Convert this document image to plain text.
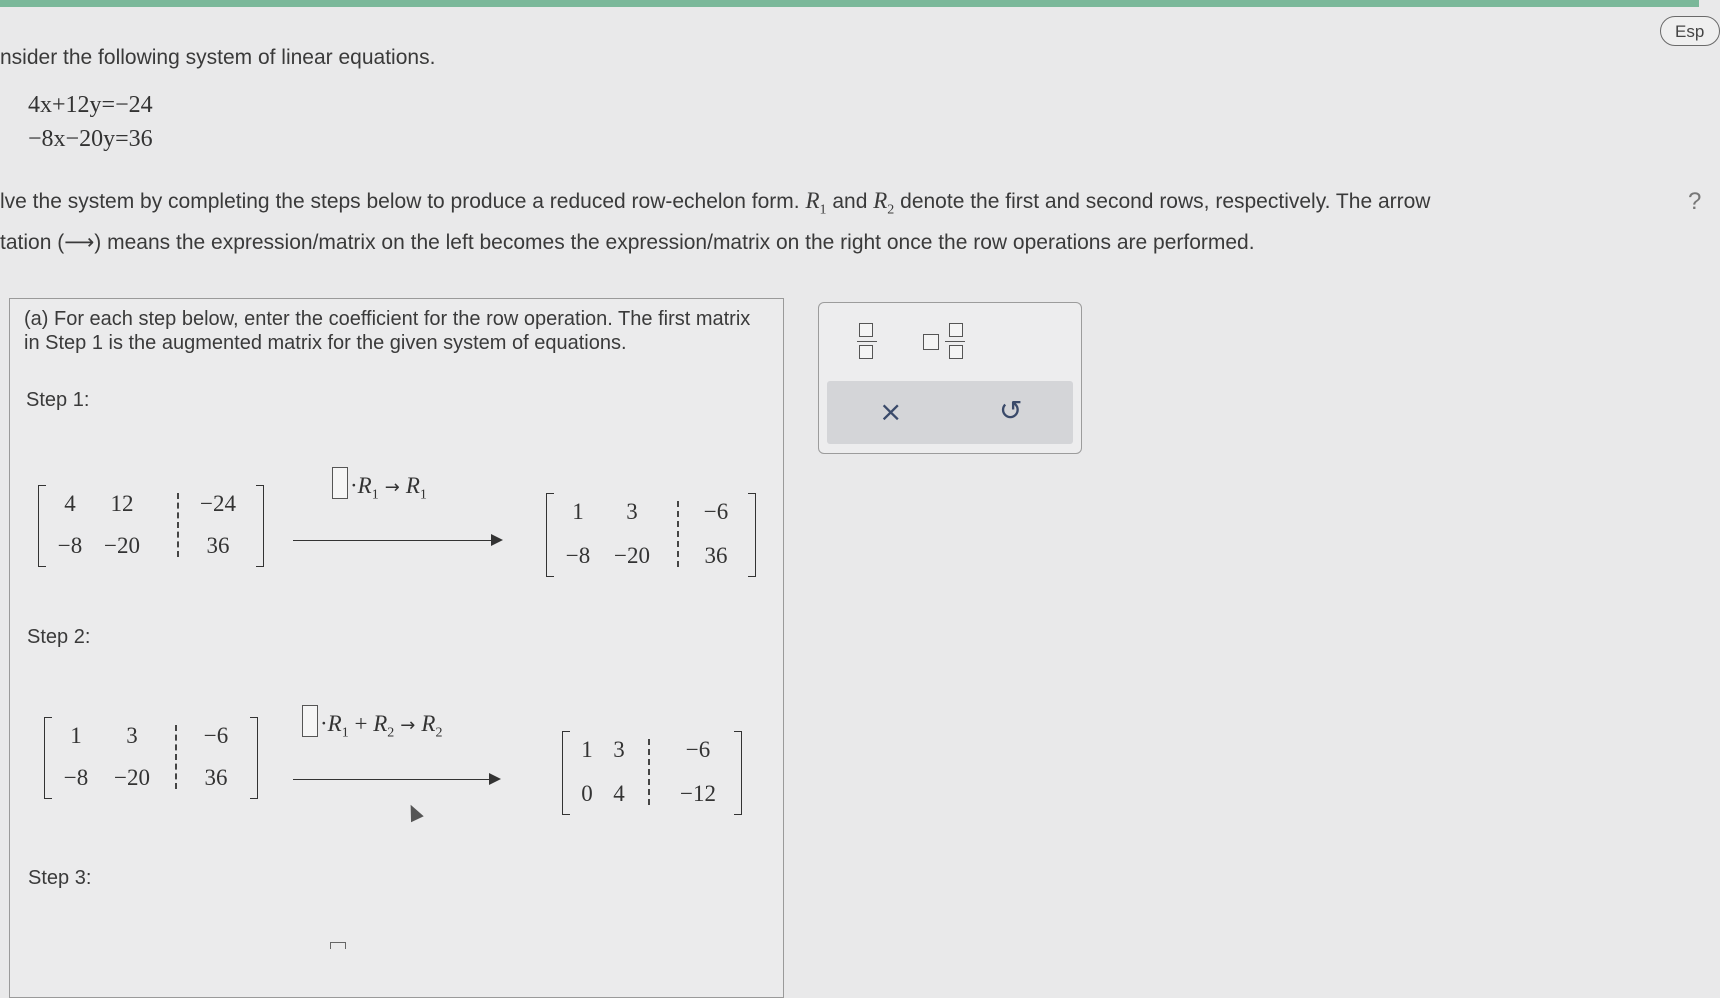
Esp
?
nsider the following system of linear equations.
4x+12y=−24
−8x−20y=36
lve the system by completing the steps below to produce a reduced row-echelon form. $R_1$ and $R_2$ denote the first and second rows, respectively. The arrow
tation (⟶) means the expression/matrix on the left becomes the expression/matrix on the right once the row operations are performed.
(a) For each step below, enter the coefficient for the row operation. The first matrix in Step 1 is the augmented matrix for the given system of equations.
Step 1:
4	12	−24
−8 −20	36
$\cdot R_1 \to R_1$
1	3	−6
−8	−20	36
Step 2:
1	3	−6
−8	−20	36
$\cdot R_1 + R_2 \to R_2$
1 3	−6
0 4	−12
Step 3:
×	↺
